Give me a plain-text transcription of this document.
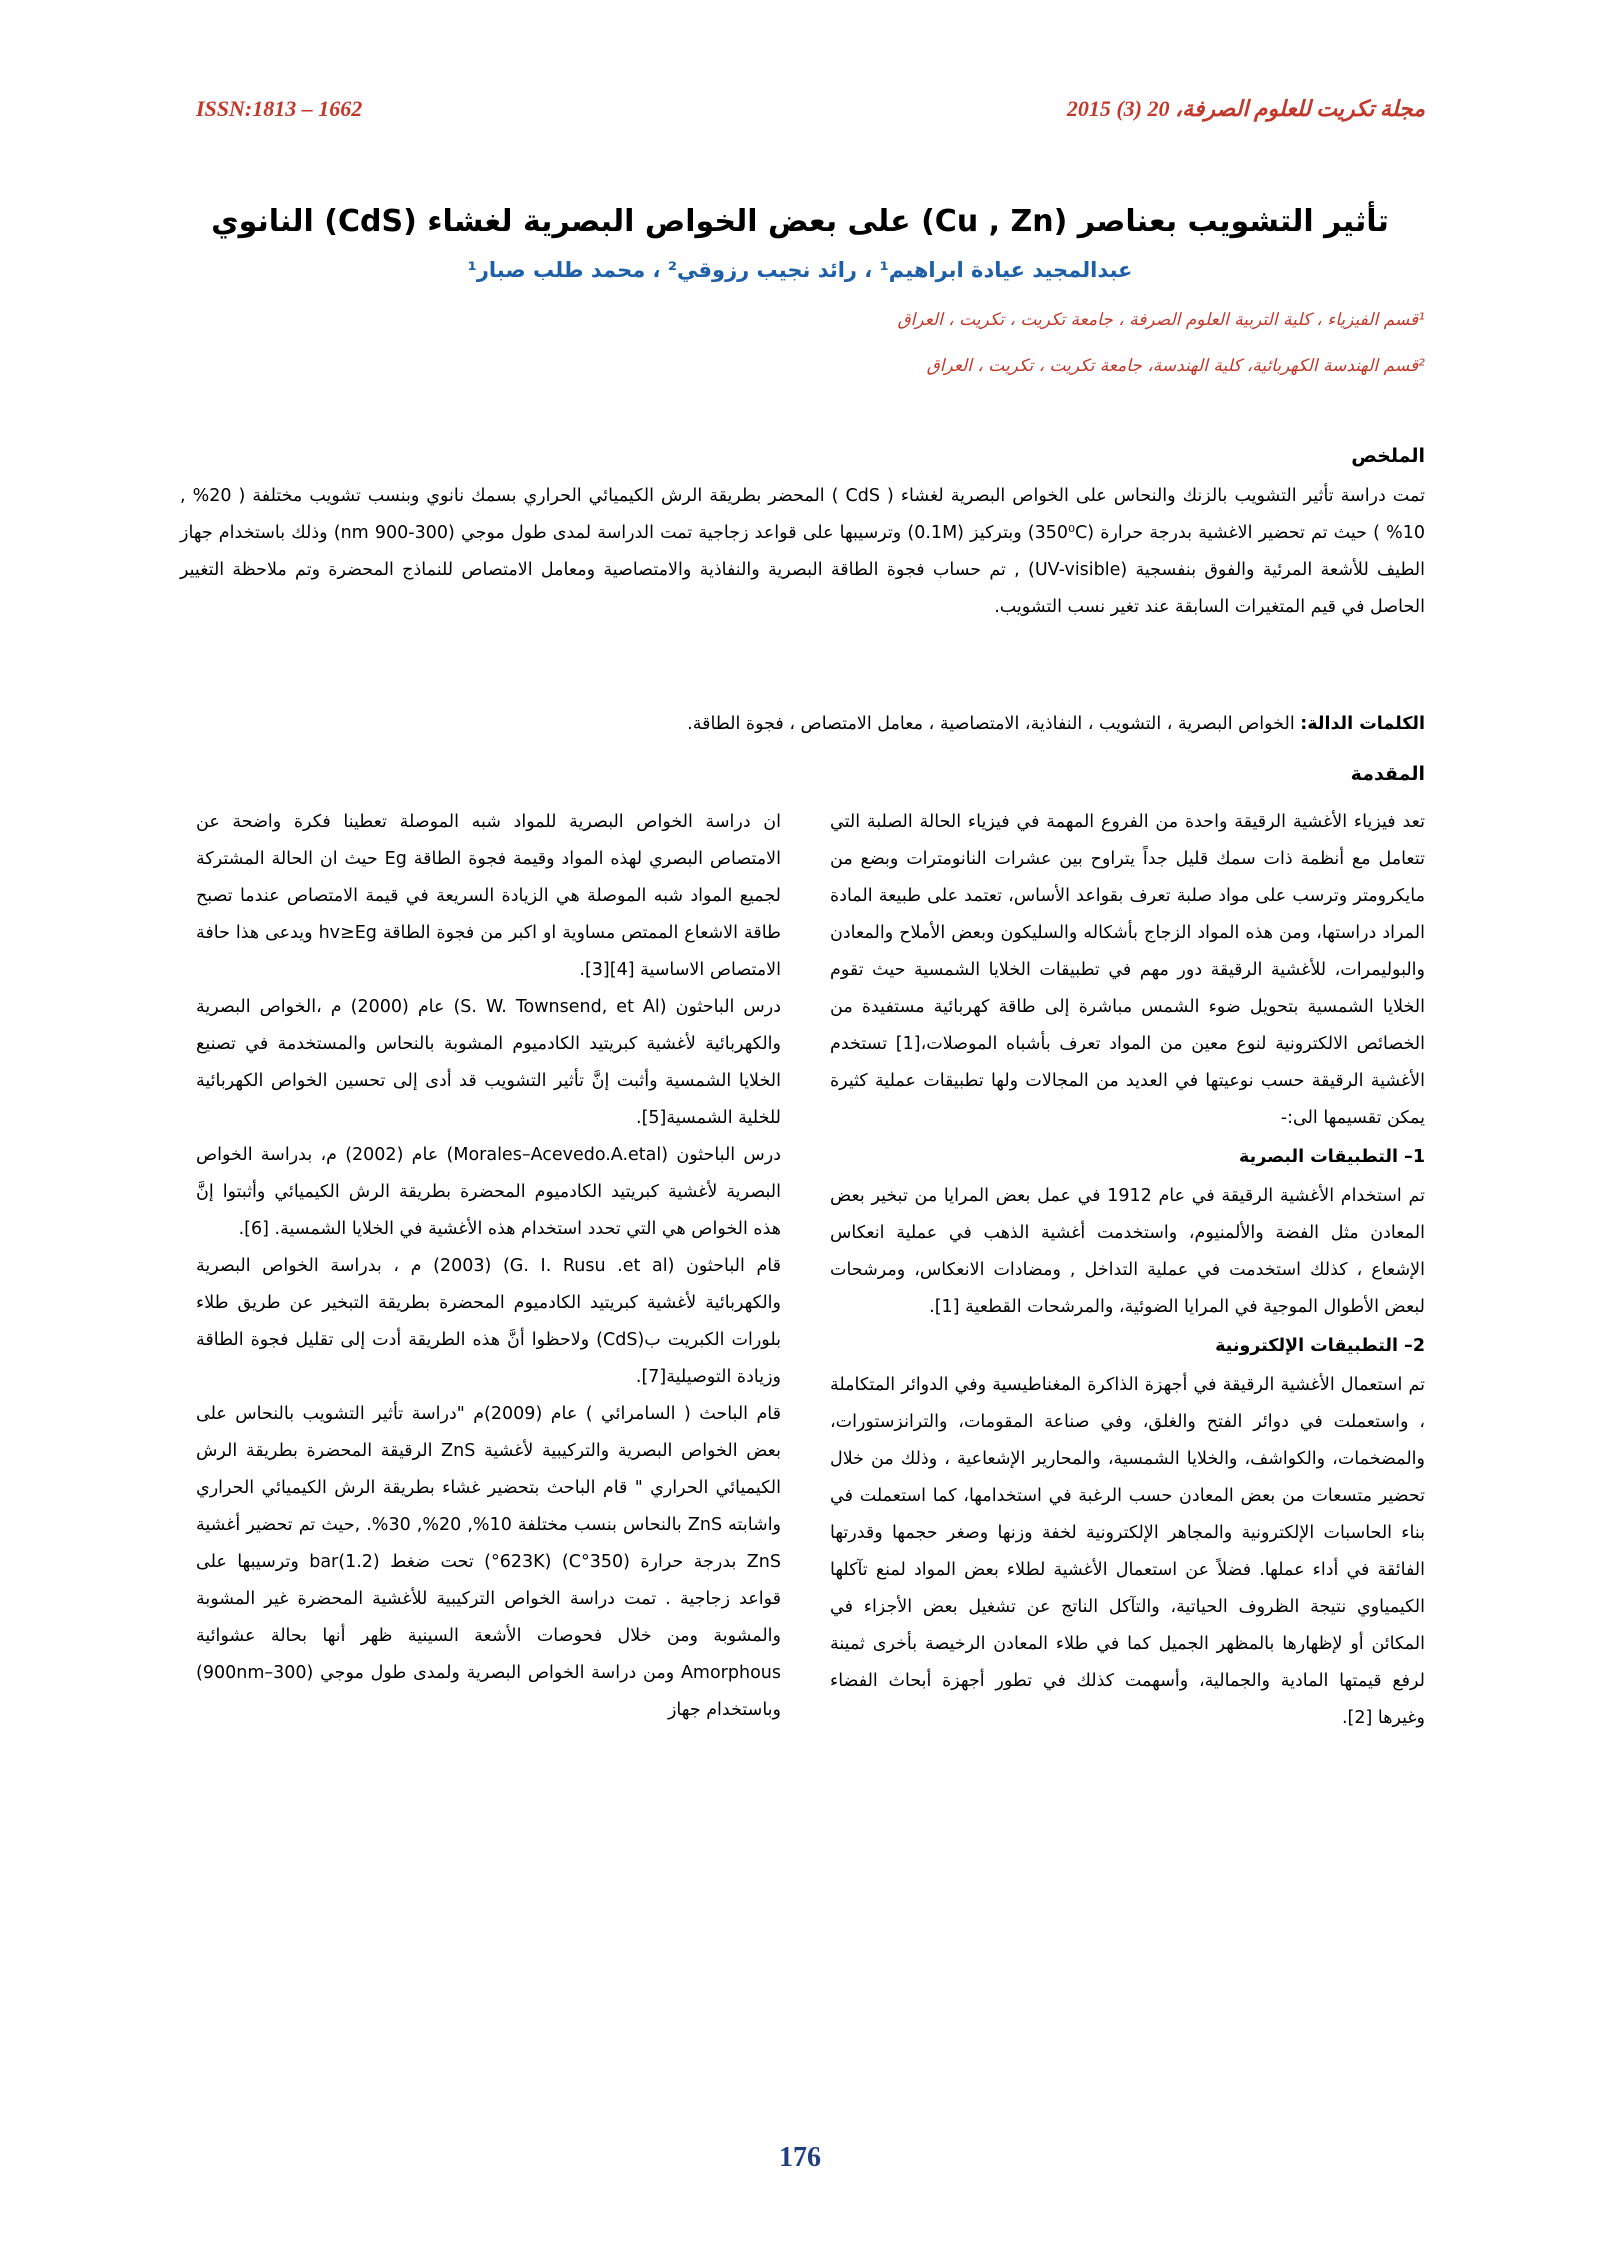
ISSN:1813 – 1662	مجلة تكريت للعلوم الصرفة، 20 (3) 2015
تأثير التشويب بعناصر (Cu , Zn) على بعض الخواص البصرية لغشاء (CdS) النانوي
عبدالمجيد عيادة ابراهيم¹ ، رائد نجيب رزوقي² ، محمد طلب صبار¹
¹قسم الفيزياء ، كلية التربية العلوم الصرفة ، جامعة تكريت ، تكريت ، العراق
²قسم الهندسة الكهربائية، كلية الهندسة، جامعة تكريت ، تكريت ، العراق
الملخص
تمت دراسة تأثير التشويب بالزنك والنحاس على الخواص البصرية لغشاء ( CdS ) المحضر بطريقة الرش الكيميائي الحراري بسمك نانوي وبنسب تشويب مختلفة ( 20% , 10% ) حيث تم تحضير الاغشية بدرجة حرارة (350⁰C) وبتركيز (0.1M) وترسيبها على قواعد زجاجية تمت الدراسة لمدى طول موجي (300-900 nm) وذلك باستخدام جهاز الطيف للأشعة المرئية والفوق بنفسجية (UV-visible) , تم حساب فجوة الطاقة البصرية والنفاذية والامتصاصية ومعامل الامتصاص للنماذج المحضرة وتم ملاحظة التغيير الحاصل في قيم المتغيرات السابقة عند تغير نسب التشويب.
الكلمات الدالة: الخواص البصرية ، التشويب ، النفاذية، الامتصاصية ، معامل الامتصاص ، فجوة الطاقة.
المقدمة

تعد فيزياء الأغشية الرقيقة واحدة من الفروع المهمة في فيزياء الحالة الصلبة التي تتعامل مع أنظمة ذات سمك قليل جداً يتراوح بين عشرات النانومترات وبضع من مايكرومتر وترسب على مواد صلبة تعرف بقواعد الأساس، تعتمد على طبيعة المادة المراد دراستها، ومن هذه المواد الزجاج بأشكاله والسليكون وبعض الأملاح والمعادن والبوليمرات، للأغشية الرقيقة دور مهم في تطبيقات الخلايا الشمسية حيث تقوم الخلايا الشمسية بتحويل ضوء الشمس مباشرة إلى طاقة كهربائية مستفيدة من الخصائص الالكترونية لنوع معين من المواد تعرف بأشباه الموصلات،[1] تستخدم الأغشية الرقيقة حسب نوعيتها في العديد من المجالات ولها تطبيقات عملية كثيرة يمكن تقسيمها الى:-

1– التطبيقات البصرية

تم استخدام الأغشية الرقيقة في عام 1912 في عمل بعض المرايا من تبخير بعض المعادن مثل الفضة والألمنيوم، واستخدمت أغشية الذهب في عملية انعكاس الإشعاع ، كذلك استخدمت في عملية التداخل , ومضادات الانعكاس، ومرشحات لبعض الأطوال الموجية في المرايا الضوئية، والمرشحات القطعية [1].

2– التطبيقات الإلكترونية

تم استعمال الأغشية الرقيقة في أجهزة الذاكرة المغناطيسية وفي الدوائر المتكاملة ، واستعملت في دوائر الفتح والغلق، وفي صناعة المقومات، والترانزستورات، والمضخمات، والكواشف، والخلايا الشمسية، والمحارير الإشعاعية ، وذلك من خلال تحضير متسعات من بعض المعادن حسب الرغبة في استخدامها، كما استعملت في بناء الحاسبات الإلكترونية والمجاهر الإلكترونية لخفة وزنها وصغر حجمها وقدرتها الفائقة في أداء عملها. فضلاً عن استعمال الأغشية لطلاء بعض المواد لمنع تآكلها الكيمياوي نتيجة الظروف الحياتية، والتآكل الناتج عن تشغيل بعض الأجزاء في المكائن أو لإظهارها بالمظهر الجميل كما في طلاء المعادن الرخيصة بأخرى ثمينة لرفع قيمتها المادية والجمالية، وأسهمت كذلك في تطور أجهزة أبحاث الفضاء وغيرها [2].

ان دراسة الخواص البصرية للمواد شبه الموصلة تعطينا فكرة واضحة عن الامتصاص البصري لهذه المواد وقيمة فجوة الطاقة Eg حيث ان الحالة المشتركة لجميع المواد شبه الموصلة هي الزيادة السريعة في قيمة الامتصاص عندما تصبح طاقة الاشعاع الممتص مساوية او اكبر من فجوة الطاقة hv≥Eg ويدعى هذا حافة الامتصاص الاساسية [4][3].

درس الباحثون (S. W. Townsend, et Al) عام (2000) م ،الخواص البصرية والكهربائية لأغشية كبريتيد الكادميوم المشوبة بالنحاس والمستخدمة في تصنيع الخلايا الشمسية وأثبت إنَّ تأثير التشويب قد أدى إلى تحسين الخواص الكهربائية للخلية الشمسية[5].

درس الباحثون (Morales–Acevedo.A.etal) عام (2002) م، بدراسة الخواص البصرية لأغشية كبريتيد الكادميوم المحضرة بطريقة الرش الكيميائي وأثبتوا إنَّ هذه الخواص هي التي تحدد استخدام هذه الأغشية في الخلايا الشمسية. [6].

قام الباحثون (G. I. Rusu .et al) (2003) م ، بدراسة الخواص البصرية والكهربائية لأغشية كبريتيد الكادميوم المحضرة بطريقة التبخير عن طريق طلاء بلورات الكبريت ب(CdS) ولاحظوا أنَّ هذه الطريقة أدت إلى تقليل فجوة الطاقة وزيادة التوصيلية[7].

قام الباحث ( السامرائي ) عام (2009)م "دراسة تأثير التشويب بالنحاس على بعض الخواص البصرية والتركيبية لأغشية ZnS الرقيقة المحضرة بطريقة الرش الكيميائي الحراري " قام الباحث بتحضير غشاء بطريقة الرش الكيميائي الحراري واشابته ZnS بالنحاس بنسب مختلفة 10%, 20%, 30%. ,حيث تم تحضير أغشية ZnS بدرجة حرارة (350°C) (623K°) تحت ضغط bar(1.2) وترسيبها على قواعد زجاجية . تمت دراسة الخواص التركيبية للأغشية المحضرة غير المشوبة والمشوبة ومن خلال فحوصات الأشعة السينية ظهر أنها بحالة عشوائية Amorphous ومن دراسة الخواص البصرية ولمدى طول موجي (300–900nm) وباستخدام جهاز

176
